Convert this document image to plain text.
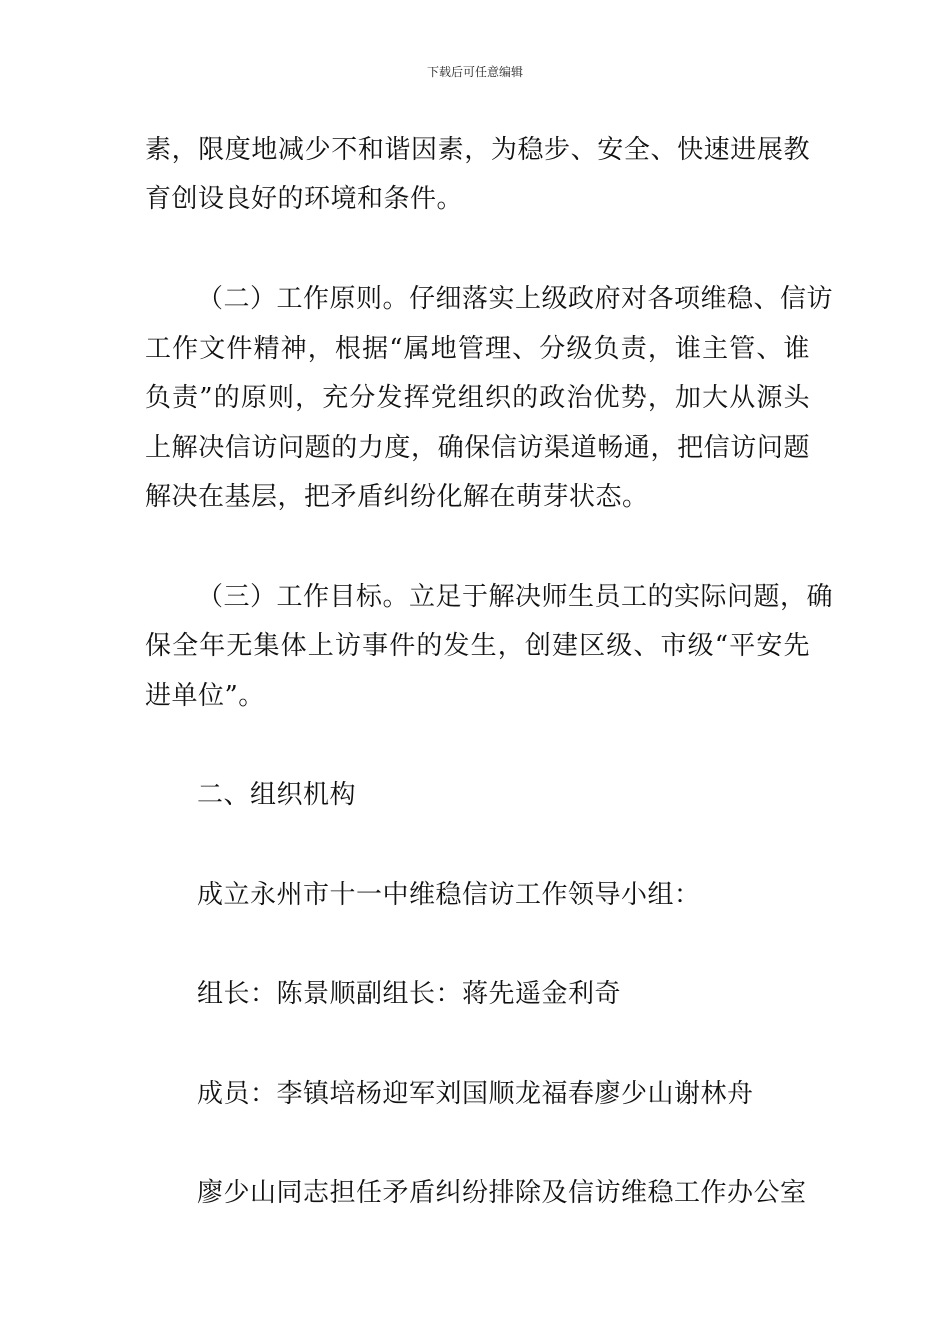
下载后可任意编辑
素，限度地减少不和谐因素，为稳步、安全、快速进展教
育创设良好的环境和条件。
（二）工作原则。仔细落实上级政府对各项维稳、信访
工作文件精神，根据“属地管理、分级负责，谁主管、谁
负责”的原则，充分发挥党组织的政治优势，加大从源头
上解决信访问题的力度，确保信访渠道畅通，把信访问题
解决在基层，把矛盾纠纷化解在萌芽状态。
（三）工作目标。立足于解决师生员工的实际问题，确
保全年无集体上访事件的发生，创建区级、市级“平安先
进单位”。
二、组织机构
成立永州市十一中维稳信访工作领导小组：
组长：陈景顺副组长：蒋先遥金利奇
成员：李镇培杨迎军刘国顺龙福春廖少山谢林舟
廖少山同志担任矛盾纠纷排除及信访维稳工作办公室
